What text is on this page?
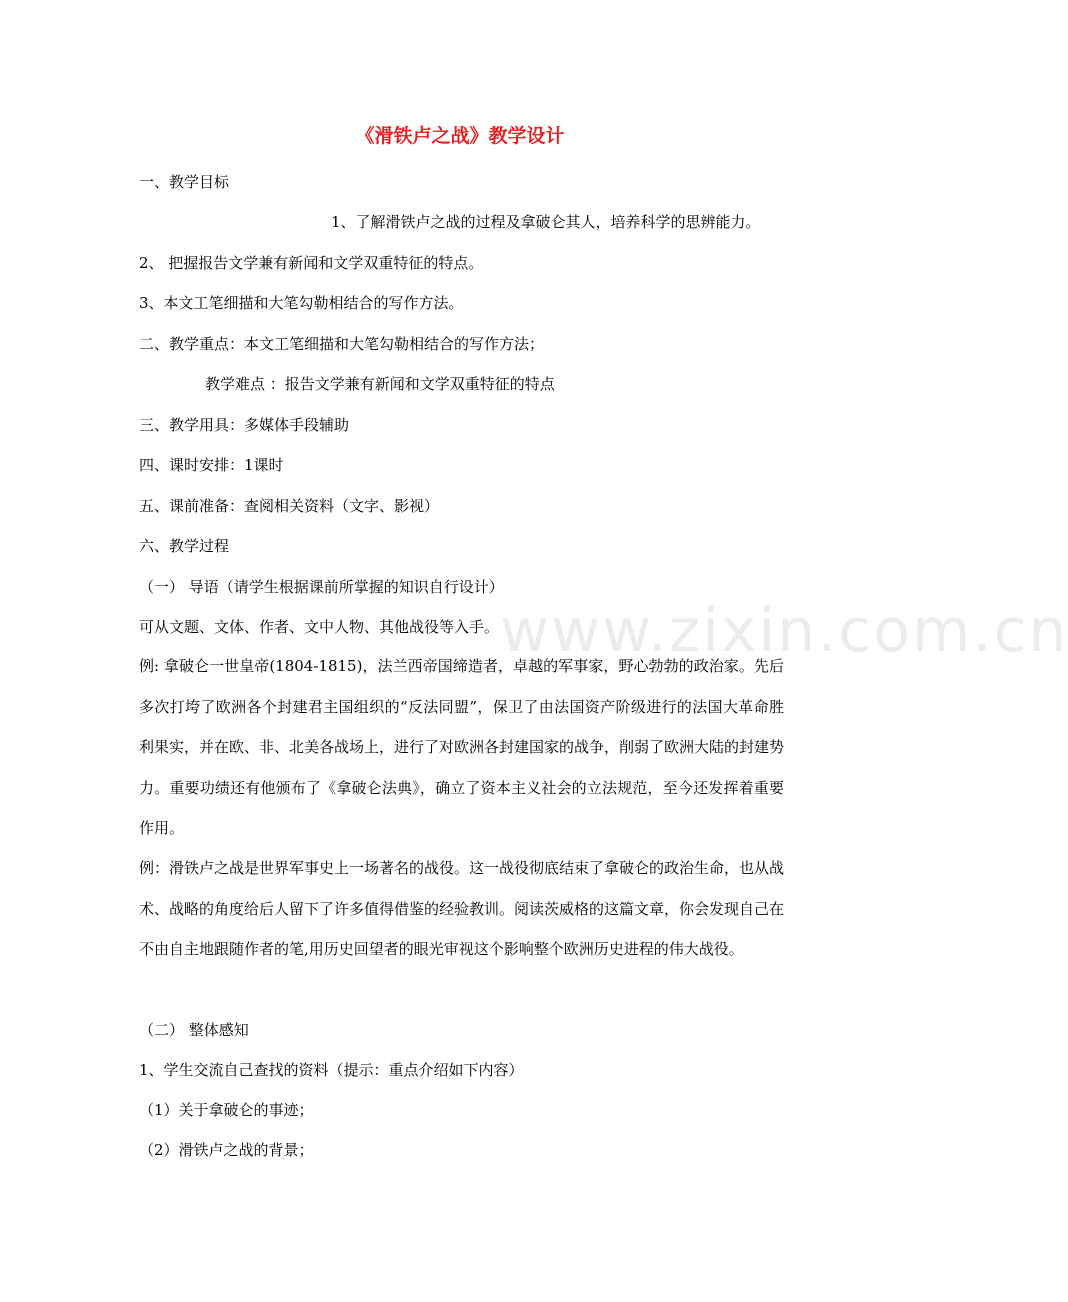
www.zixin.com.cn
《滑铁卢之战》教学设计
一、教学目标
1、了解滑铁卢之战的过程及拿破仑其人，培养科学的思辨能力。
2、 把握报告文学兼有新闻和文学双重特征的特点。
3、本文工笔细描和大笔勾勒相结合的写作方法。
二、教学重点：本文工笔细描和大笔勾勒相结合的写作方法；
教学难点 ：报告文学兼有新闻和文学双重特征的特点
三、教学用具：多媒体手段辅助
四、课时安排：1课时
五、课前准备：查阅相关资料（文字、影视）
六、教学过程
（一） 导语（请学生根据课前所掌握的知识自行设计）
可从文题、文体、作者、文中人物、其他战役等入手。
例: 拿破仑一世皇帝(1804-1815)，法兰西帝国缔造者，卓越的军事家，野心勃勃的政治家。先后多次打垮了欧洲各个封建君主国组织的“反法同盟”，保卫了由法国资产阶级进行的法国大革命胜利果实，并在欧、非、北美各战场上，进行了对欧洲各封建国家的战争，削弱了欧洲大陆的封建势力。重要功绩还有他颁布了《拿破仑法典》，确立了资本主义社会的立法规范，至今还发挥着重要作用。
例：滑铁卢之战是世界军事史上一场著名的战役。这一战役彻底结束了拿破仑的政治生命，也从战术、战略的角度给后人留下了许多值得借鉴的经验教训。阅读茨威格的这篇文章，你会发现自己在不由自主地跟随作者的笔,用历史回望者的眼光审视这个影响整个欧洲历史进程的伟大战役。
（二） 整体感知
1、学生交流自己查找的资料（提示：重点介绍如下内容）
（1）关于拿破仑的事迹；
（2）滑铁卢之战的背景；
